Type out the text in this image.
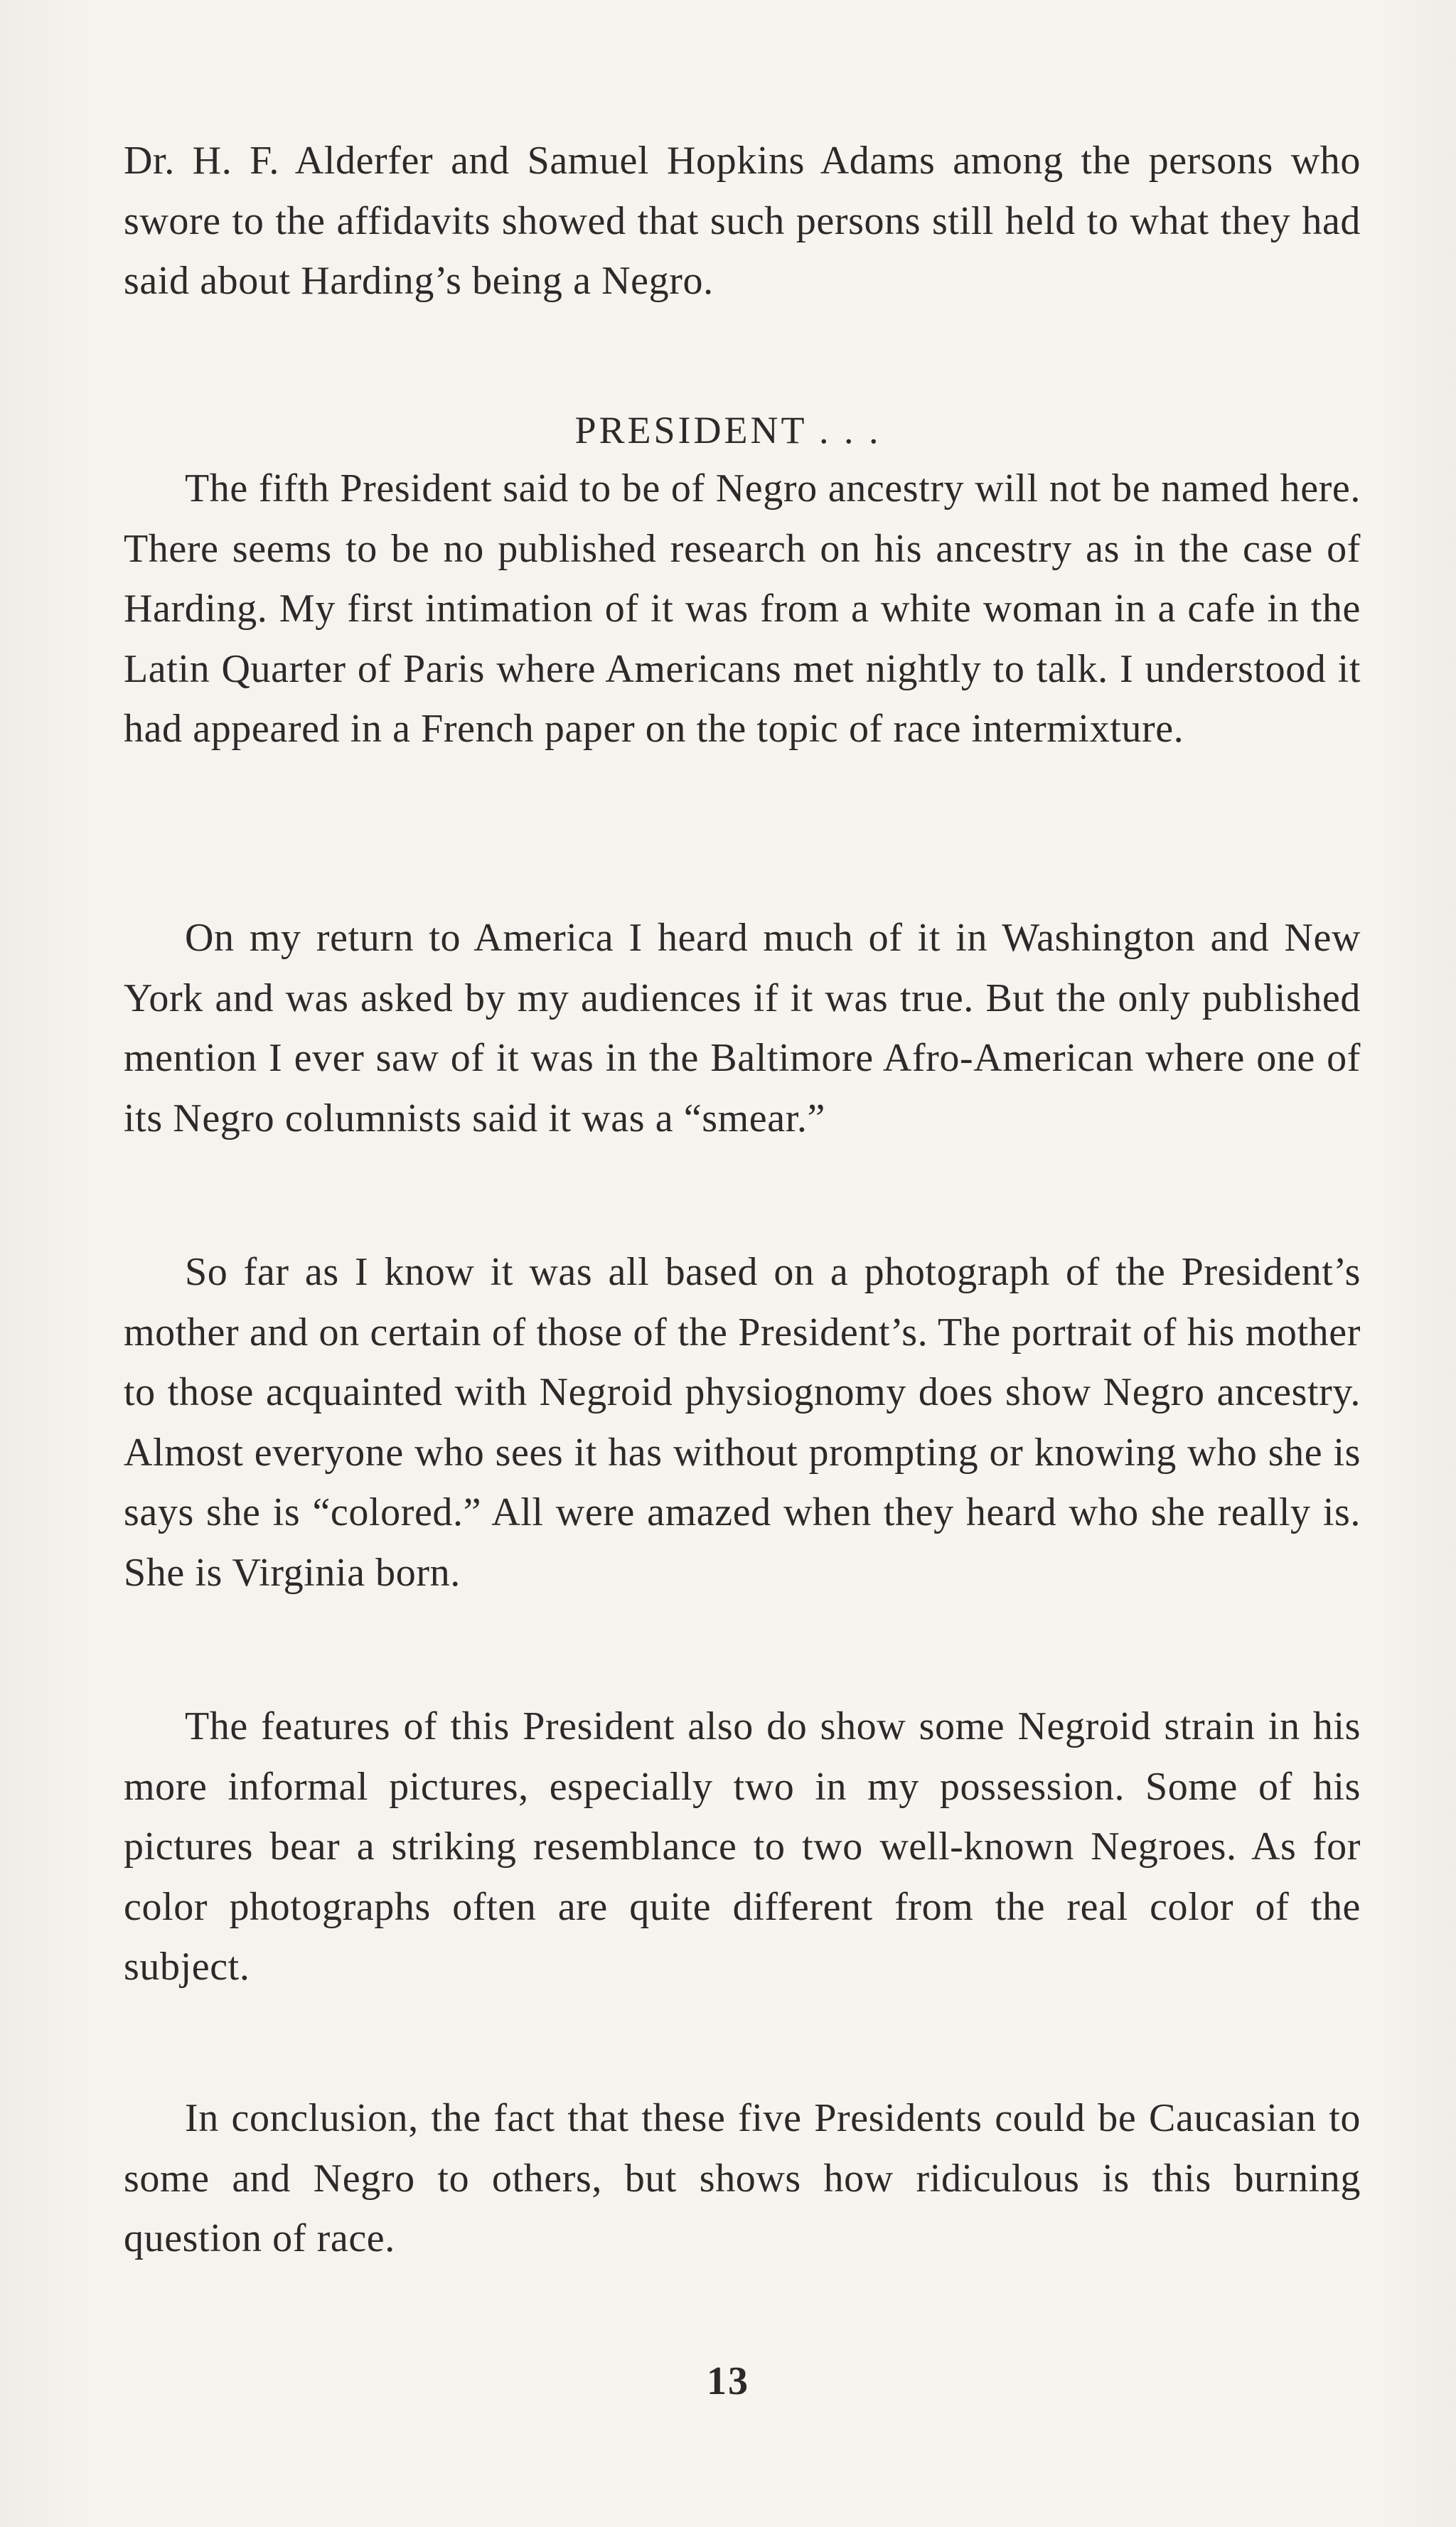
Dr. H. F. Alderfer and Samuel Hopkins Adams among the persons who swore to the affidavits showed that such persons still held to what they had said about Harding’s being a Negro.

PRESIDENT . . .

The fifth President said to be of Negro ancestry will not be named here. There seems to be no published research on his ancestry as in the case of Harding. My first intimation of it was from a white woman in a cafe in the Latin Quarter of Paris where Americans met nightly to talk. I understood it had appeared in a French paper on the topic of race intermixture.

On my return to America I heard much of it in Washington and New York and was asked by my audiences if it was true. But the only published mention I ever saw of it was in the Baltimore Afro-American where one of its Negro columnists said it was a “smear.”

So far as I know it was all based on a photograph of the President’s mother and on certain of those of the President’s. The portrait of his mother to those acquainted with Negroid physiognomy does show Negro ancestry. Almost everyone who sees it has without prompting or knowing who she is says she is “colored.” All were amazed when they heard who she really is. She is Virginia born.

The features of this President also do show some Negroid strain in his more informal pictures, especially two in my possession. Some of his pictures bear a striking resemblance to two well-known Negroes. As for color photographs often are quite different from the real color of the subject.

In conclusion, the fact that these five Presidents could be Caucasian to some and Negro to others, but shows how ridiculous is this burning question of race.

13
